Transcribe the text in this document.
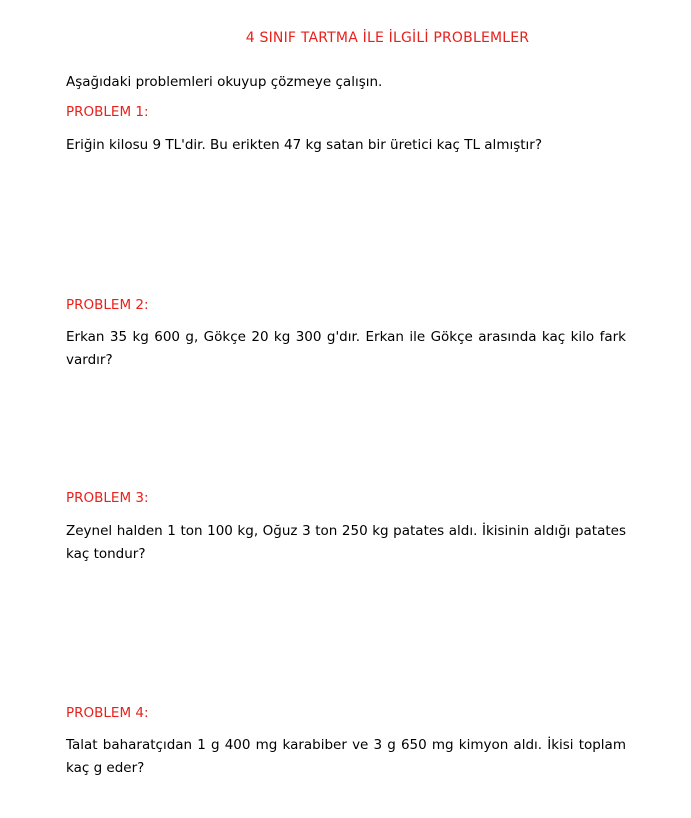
4 SINIF TARTMA İLE İLGİLİ PROBLEMLER
Aşağıdaki problemleri okuyup çözmeye çalışın.
PROBLEM 1:
Eriğin kilosu 9 TL'dir. Bu erikten 47 kg satan bir üretici kaç TL almıştır?
PROBLEM 2:
Erkan 35 kg 600 g, Gökçe 20 kg 300 g'dır. Erkan ile Gökçe arasında kaç kilo fark
vardır?
PROBLEM 3:
Zeynel halden 1 ton 100 kg, Oğuz 3 ton 250 kg patates aldı. İkisinin aldığı patates
kaç tondur?
PROBLEM 4:
Talat baharatçıdan 1 g 400 mg karabiber ve 3 g 650 mg kimyon aldı. İkisi toplam
kaç g eder?
